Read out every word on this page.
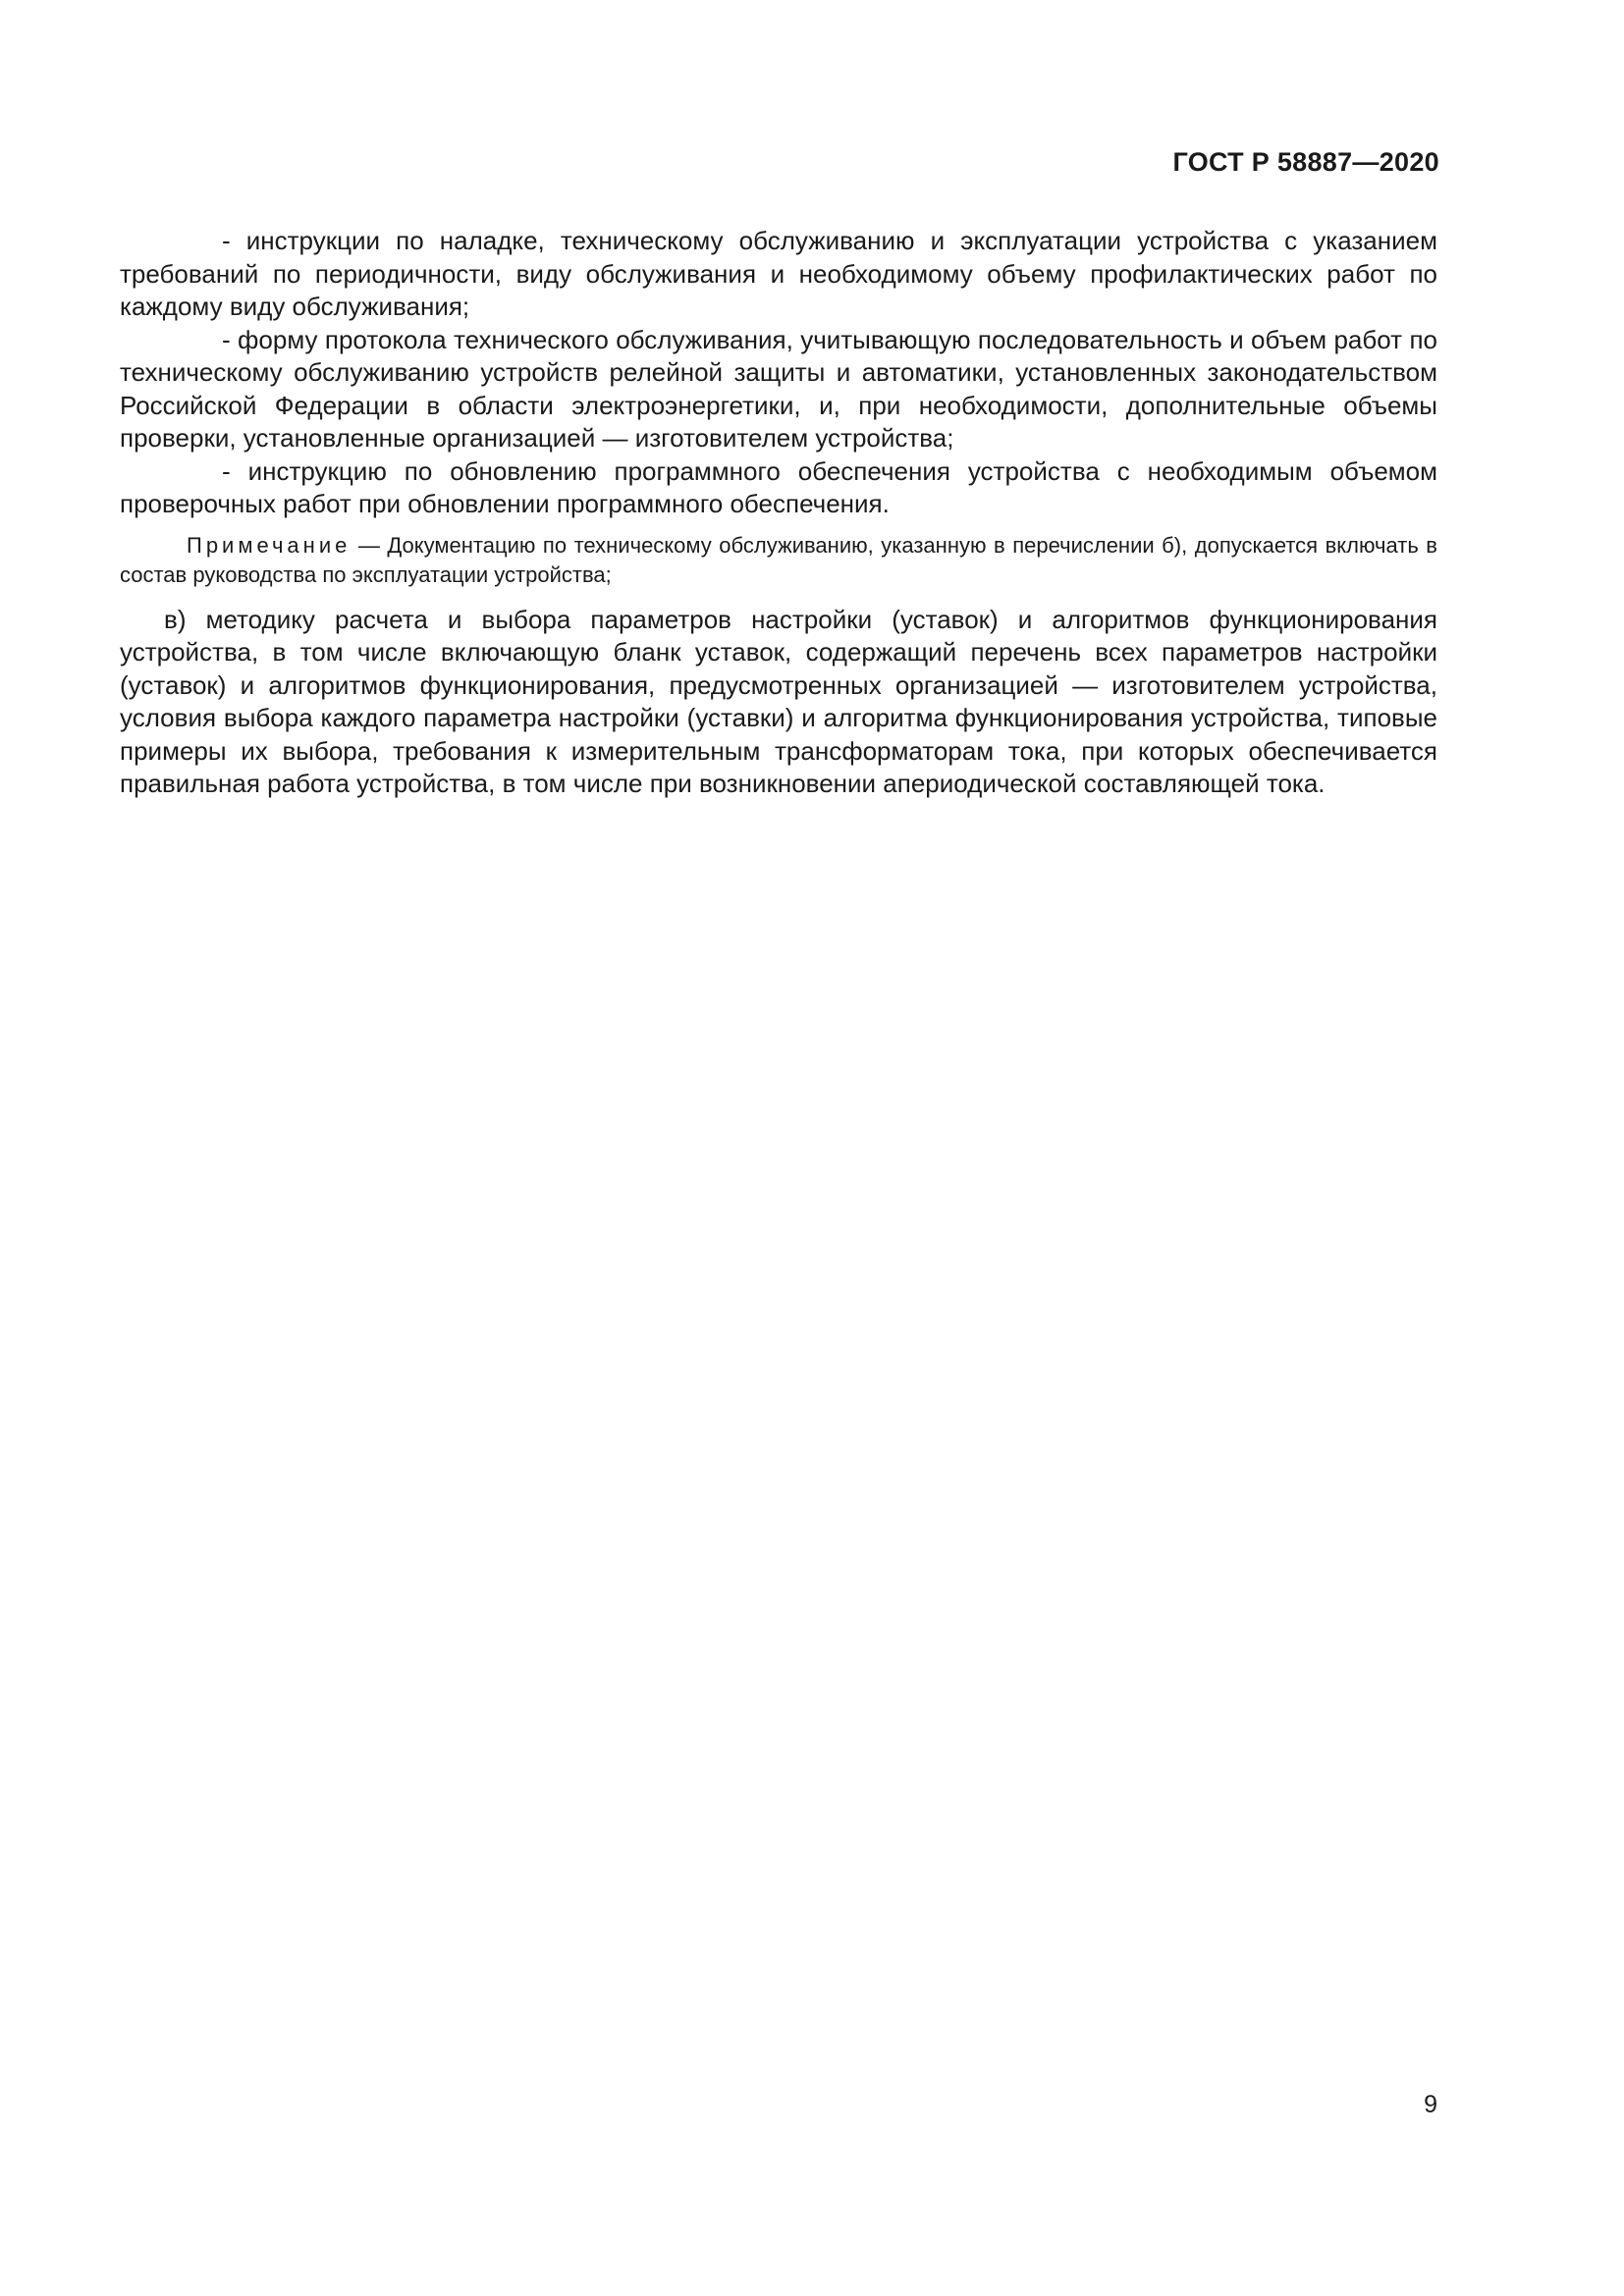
ГОСТ Р 58887—2020

- инструкции по наладке, техническому обслуживанию и эксплуатации устройства с указанием требований по периодичности, виду обслуживания и необходимому объему профилактических работ по каждому виду обслуживания;

- форму протокола технического обслуживания, учитывающую последовательность и объем работ по техническому обслуживанию устройств релейной защиты и автоматики, установленных законодательством Российской Федерации в области электроэнергетики, и, при необходимости, дополнительные объемы проверки, установленные организацией — изготовителем устройства;

- инструкцию по обновлению программного обеспечения устройства с необходимым объемом проверочных работ при обновлении программного обеспечения.

Примечание — Документацию по техническому обслуживанию, указанную в перечислении б), допускается включать в состав руководства по эксплуатации устройства;

в) методику расчета и выбора параметров настройки (уставок) и алгоритмов функционирования устройства, в том числе включающую бланк уставок, содержащий перечень всех параметров настройки (уставок) и алгоритмов функционирования, предусмотренных организацией — изготовителем устройства, условия выбора каждого параметра настройки (уставки) и алгоритма функционирования устройства, типовые примеры их выбора, требования к измерительным трансформаторам тока, при которых обеспечивается правильная работа устройства, в том числе при возникновении апериодической составляющей тока.

9
